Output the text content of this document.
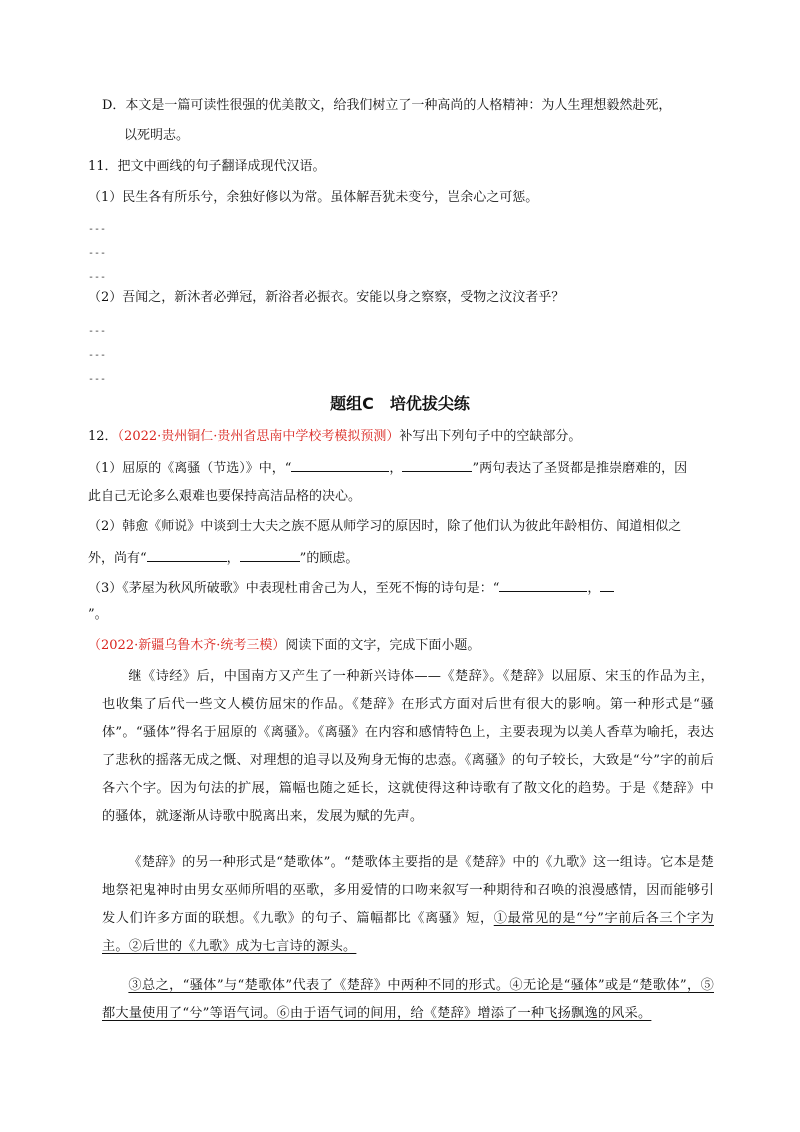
D．本文是一篇可读性很强的优美散文，给我们树立了一种高尚的人格精神：为人生理想毅然赴死，
以死明志。
11．把文中画线的句子翻译成现代汉语。
（1）民生各有所乐兮，余独好修以为常。虽体解吾犹未变兮，岂余心之可惩。
---
---
---
（2）吾闻之，新沐者必弹冠，新浴者必振衣。安能以身之察察，受物之汶汶者乎？
---
---
---
题组C　培优拔尖练
12．（2022·贵州铜仁·贵州省思南中学校考模拟预测）补写出下列句子中的空缺部分。
（1）屈原的《离骚（节选）》中，“	，	”两句表达了圣贤都是推崇磨难的，因
此自己无论多么艰难也要保持高洁品格的决心。
（2）韩愈《师说》中谈到士大夫之族不愿从师学习的原因时，除了他们认为彼此年龄相仿、闻道相似之
外，尚有“	，	”的顾虑。
（3）《茅屋为秋风所破歌》中表现杜甫舍己为人，至死不悔的诗句是：“	，
”。
（2022·新疆乌鲁木齐·统考三模）阅读下面的文字，完成下面小题。
继《诗经》后，中国南方又产生了一种新兴诗体——《楚辞》。《楚辞》以屈原、宋玉的作品为主，也收集了后代一些文人模仿屈宋的作品。《楚辞》在形式方面对后世有很大的影响。第一种形式是“骚体”。“骚体”得名于屈原的《离骚》。《离骚》在内容和感情特色上，主要表现为以美人香草为喻托，表达了悲秋的摇落无成之慨、对理想的追寻以及殉身无悔的忠悫。《离骚》的句子较长，大致是“兮”字的前后各六个字。因为句法的扩展，篇幅也随之延长，这就使得这种诗歌有了散文化的趋势。于是《楚辞》中的骚体，就逐渐从诗歌中脱离出来，发展为赋的先声。
《楚辞》的另一种形式是“楚歌体”。“楚歌体主要指的是《楚辞》中的《九歌》这一组诗。它本是楚地祭祀鬼神时由男女巫师所唱的巫歌，多用爱情的口吻来叙写一种期待和召唤的浪漫感情，因而能够引发人们许多方面的联想。《九歌》的句子、篇幅都比《离骚》短，①最常见的是“兮”字前后各三个字为主。②后世的《九歌》成为七言诗的源头。
③总之，“骚体”与“楚歌体”代表了《楚辞》中两种不同的形式。④无论是“骚体”或是“楚歌体”，⑤都大量使用了“兮”等语气词。⑥由于语气词的间用，给《楚辞》增添了一种飞扬飘逸的风采。
